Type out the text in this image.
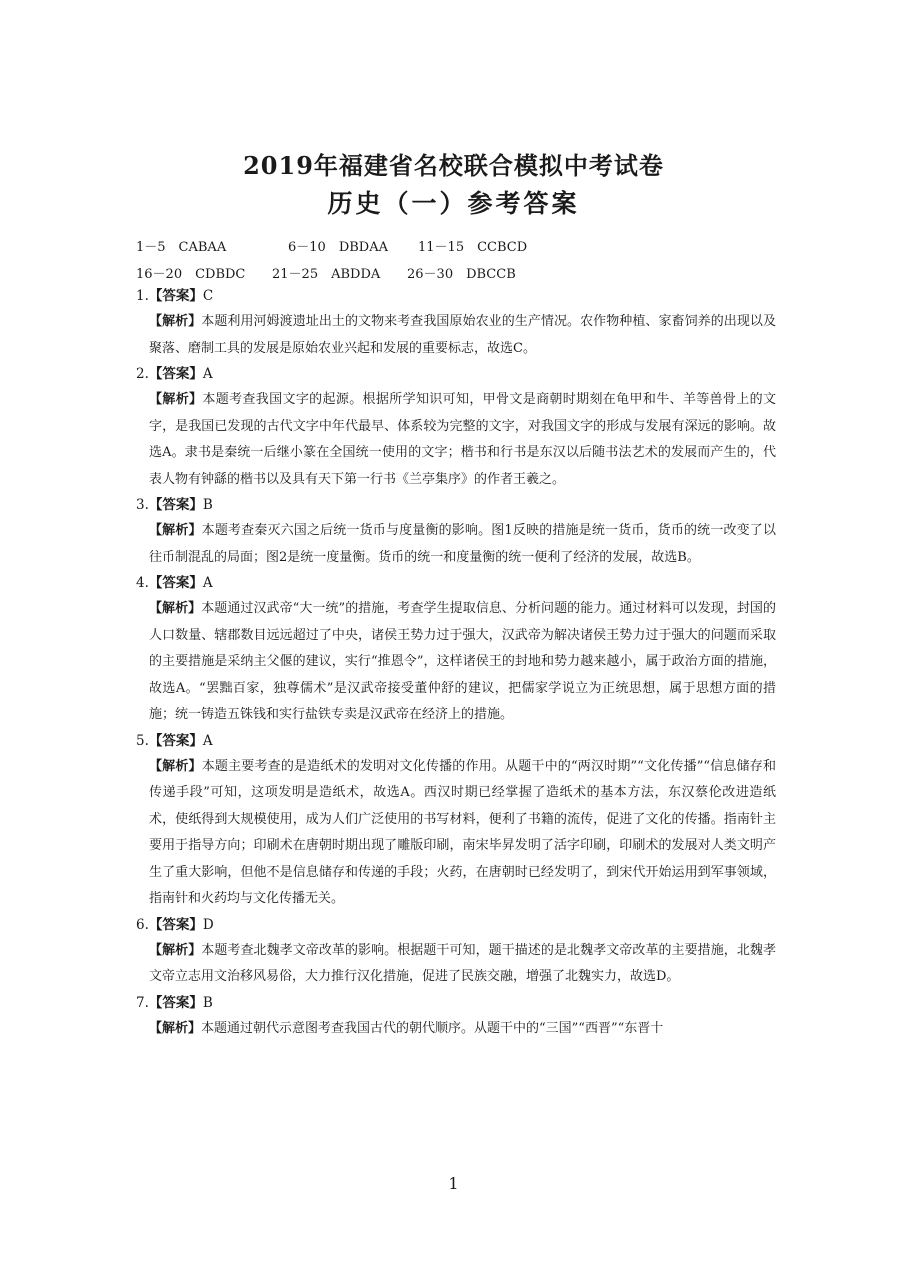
2019年福建省名校联合模拟中考试卷
历史（一）参考答案
1－5　CABAA	6－10　DBDAA 11－15　CCBCD
16－20　CDBDC 21－25　ABDDA 26－30　DBCCB
1.【答案】C
【解析】本题利用河姆渡遗址出土的文物来考查我国原始农业的生产情况。农作物种植、家畜饲养的出现以及聚落、磨制工具的发展是原始农业兴起和发展的重要标志，故选C。
2.【答案】A
【解析】本题考查我国文字的起源。根据所学知识可知，甲骨文是商朝时期刻在龟甲和牛、羊等兽骨上的文字，是我国已发现的古代文字中年代最早、体系较为完整的文字，对我国文字的形成与发展有深远的影响。故选A。隶书是秦统一后继小篆在全国统一使用的文字；楷书和行书是东汉以后随书法艺术的发展而产生的，代表人物有钟繇的楷书以及具有天下第一行书《兰亭集序》的作者王羲之。
3.【答案】B
【解析】本题考查秦灭六国之后统一货币与度量衡的影响。图1反映的措施是统一货币，货币的统一改变了以往币制混乱的局面；图2是统一度量衡。货币的统一和度量衡的统一便利了经济的发展，故选B。
4.【答案】A
【解析】本题通过汉武帝“大一统”的措施，考查学生提取信息、分析问题的能力。通过材料可以发现，封国的人口数量、辖郡数目远远超过了中央，诸侯王势力过于强大，汉武帝为解决诸侯王势力过于强大的问题而采取的主要措施是采纳主父偃的建议，实行“推恩令”，这样诸侯王的封地和势力越来越小，属于政治方面的措施，故选A。“罢黜百家，独尊儒术”是汉武帝接受董仲舒的建议，把儒家学说立为正统思想，属于思想方面的措施；统一铸造五铢钱和实行盐铁专卖是汉武帝在经济上的措施。
5.【答案】A
【解析】本题主要考查的是造纸术的发明对文化传播的作用。从题干中的“两汉时期”“文化传播”“信息储存和传递手段”可知，这项发明是造纸术，故选A。西汉时期已经掌握了造纸术的基本方法，东汉蔡伦改进造纸术，使纸得到大规模使用，成为人们广泛使用的书写材料，便利了书籍的流传，促进了文化的传播。指南针主要用于指导方向；印刷术在唐朝时期出现了雕版印刷，南宋毕昇发明了活字印刷，印刷术的发展对人类文明产生了重大影响，但他不是信息储存和传递的手段；火药，在唐朝时已经发明了，到宋代开始运用到军事领域，指南针和火药均与文化传播无关。
6.【答案】D
【解析】本题考查北魏孝文帝改革的影响。根据题干可知，题干描述的是北魏孝文帝改革的主要措施，北魏孝文帝立志用文治移风易俗，大力推行汉化措施，促进了民族交融，增强了北魏实力，故选D。
7.【答案】B
【解析】本题通过朝代示意图考查我国古代的朝代顺序。从题干中的“三国”“西晋”“东晋十
1
